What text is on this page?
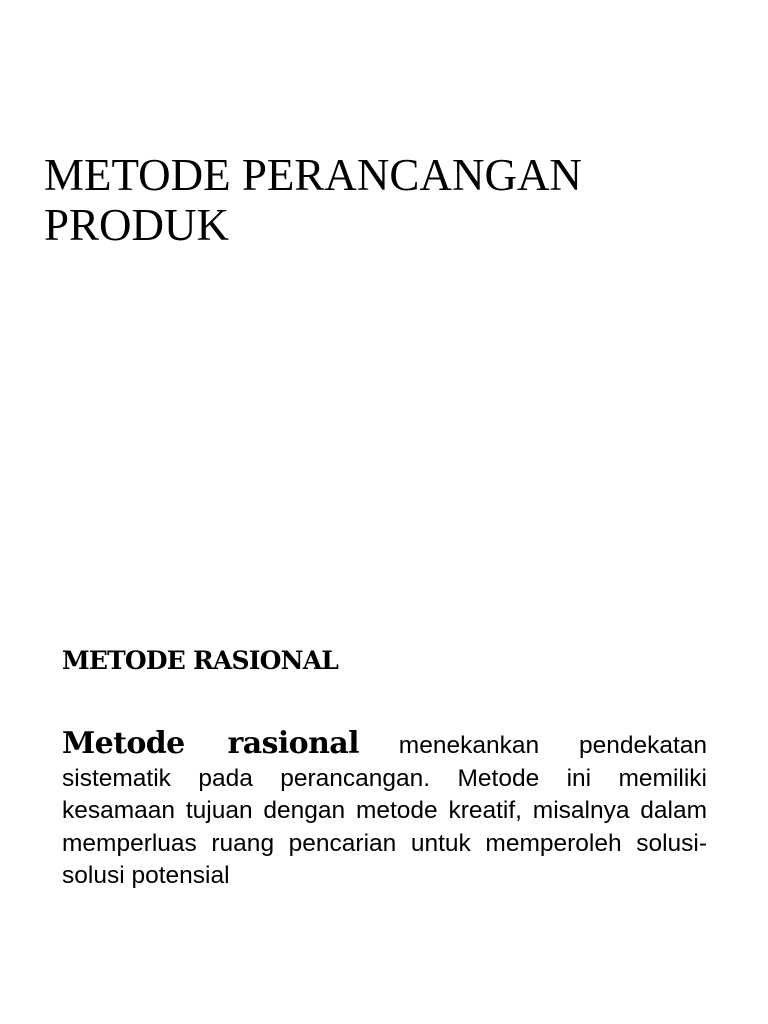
METODE PERANCANGAN
PRODUK
METODE RASIONAL

Metode rasional menekankan pendekatan sistematik pada perancangan. Metode ini memiliki kesamaan tujuan dengan metode kreatif, misalnya dalam memperluas ruang pencarian untuk memperoleh solusi-solusi potensial
